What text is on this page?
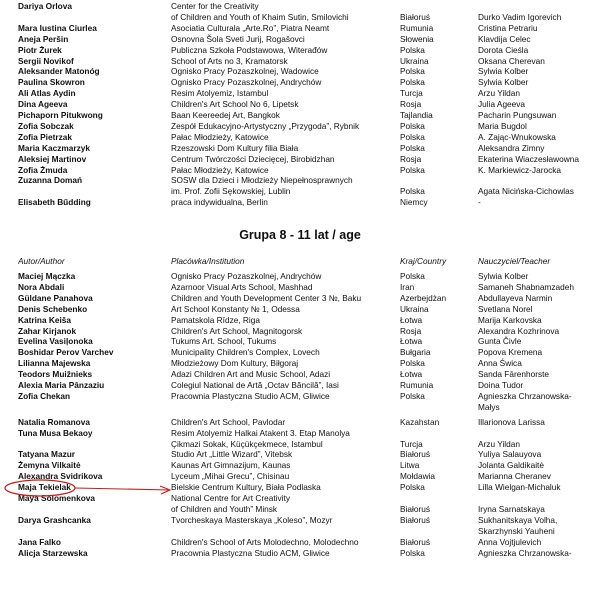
Dariya Orlova	Center for the Creativity
of Children and Youth of Khaim Sutin, Smilovichi	Białoruś	Durko Vadim Igorevich
Mara Iustina Ciurlea	Asociatia Culturala „Arte.Ro”, Piatra Neamt	Rumunia	Cristina Petrariu
Aneja Peršin	Osnovna Šola Sveti Jurij, Rogašovci	Słowenia	Klavdija Celec
Piotr Żurek	Publiczna Szkoła Podstawowa, Witerađów	Polska	Dorota Cieśla
Sergii Novikof	School of Arts no 3, Kramatorsk	Ukraina	Oksana Cherevan
Aleksander Matonóg	Ognisko Pracy Pozaszkolnej, Wadowice	Polska	Sylwia Kolber
Paulina Skowron	Ognisko Pracy Pozaszkolnej, Andrychów	Polska	Sylwia Kolber
Ali Atlas Aydin	Resim Atolyemiz, Istambul	Turcja	Arzu Yildan
Dina Ageeva	Children's Art School No 6, Lipetsk	Rosja	Julia Ageeva
Pichaporn Pitukwong	Baan Keereedej Art, Bangkok	Tajlandia	Pacharin Pungsuwan
Zofia Sobczak	Zespół Edukacyjno-Artystyczny „Przygoda”, Rybnik	Polska	Maria Bugdol
Zofia Pietrzak	Pałac Młodzieży, Katowice	Polska	A. Zając-Wnukowska
Maria Kaczmarzyk	Rzeszowski Dom Kultury filia Biała	Polska	Aleksandra Zimny
Aleksiej Martinov	Centrum Twórczości Dziecięcej, Birobidzhan	Rosja	Ekaterina Wiaczesławowna
Zofia Żmuda	Pałac Młodzieży, Katowice	Polska	K. Markiewicz-Jarocka
Zuzanna Domań	SOSW dla Dzieci i Młodzieży Niepełnosprawnych
im. Prof. Zofii Sękowskiej, Lublin	Polska	Agata Nicińska-Cichowlas
Elisabeth Bűdding	praca indywidualna, Berlin	Niemcy	-
Grupa 8 - 11 lat / age
Autor/Author	Placówka/Institution	Kraj/Country	Nauczyciel/Teacher
Maciej Mączka	Ognisko Pracy Pozaszkolnej, Andrychów	Polska	Sylwia Kolber
Nora Abdali	Azarnoor Visual Arts School, Mashhad	Iran	Samaneh Shabnamzadeh
Güldane Panahova	Children and Youth Development Center 3 №, Baku	Azerbejdżan	Abdullayeva Narmin
Denis Schebenko	Art School Konstanty № 1, Odessa	Ukraina	Svetlana Norel
Katrina Keiša	Pamatskola Rīdze, Riga	Łotwa	Marija Karkovska
Zahar Kirjanok	Children's Art School, Magnitogorsk	Rosja	Alexandra Kozhrinova
Evelina Vasiļonoka	Tukums Art. School, Tukums	Łotwa	Gunta Čivle
Boshidar Perov Varchev	Municipality Children's Complex, Lovech	Bułgaria	Popova Kremena
Lilianna Majewska	Młodzieżowy Dom Kultury, Biłgoraj	Polska	Anna Świca
Teodors Muižnieks	Adazi Children Art and Music School, Adazi	Łotwa	Sanda Fārenhorste
Alexia Maria Pânzaziu	Colegiul National de Artă „Octav Băncilă”, Iasi	Rumunia	Doina Tudor
Zofia Chekan	Pracownia Plastyczna Studio ACM, Gliwice	Polska	Agnieszka Chrzanowska-
Małys
Natalia Romanova	Children's Art School, Pavlodar	Kazahstan	Illarionova Larissa
Tuna Musa Bekaoy	Resim Atolyemiz Halkai Atakent 3. Etap Manolya
Çikmazi Sokak, Küçükçekmece, Istambul	Turcja	Arzu Yildan
Tatyana Mazur	Studio Art „Little Wizard”, Vitebsk	Białoruś	Yuliya Salauyova
Żemyna Vilkaitė	Kaunas Art Gimnazijum, Kaunas	Litwa	Jolanta Galdikaitė
Alexandra Svidrikova	Lyceum „Mihai Grecu”, Chisinau	Mołdawia	Marianna Cheranev
Maja Tekielak	Bielskie Centrum Kultury, Biała Podlaska	Polska	Lilla Wielgan-Michaluk
Maya Solomenkova	National Centre for Art Creativity
of Children and Youth” Minsk	Białoruś	Iryna Sarnatskaya
Darya Grashcanka	Tvorcheskaya Masterskaya „Koleso”, Mozyr	Białoruś	Sukhanitskaya Volha,
Skarzhynski Yauheni
Jana Falko	Children's School of Arts Molodechno, Molodechno	Białoruś	Anna Vojtjulevich
Alicja Starzewska	Pracownia Plastyczna Studio ACM, Gliwice	Polska	Agnieszka Chrzanowska-
